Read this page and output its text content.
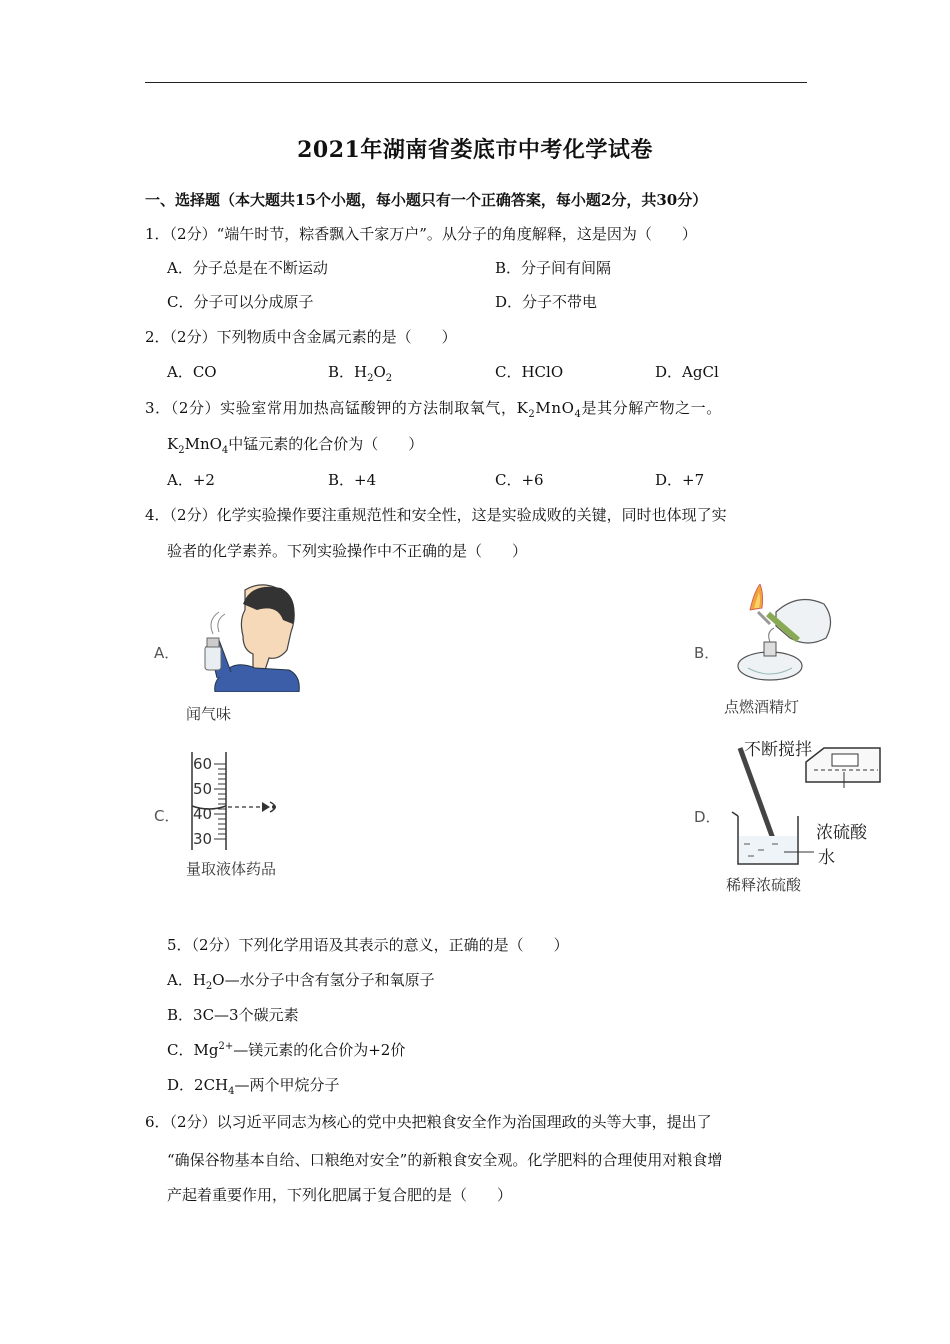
2021年湖南省娄底市中考化学试卷
一、选择题（本大题共15个小题，每小题只有一个正确答案，每小题2分，共30分）
1．（2分）“端午时节，粽香飘入千家万户”。从分子的角度解释，这是因为（　　）
A．分子总是在不断运动	B．分子间有间隔
C．分子可以分成原子	D．分子不带电
2．（2分）下列物质中含金属元素的是（　　）
A．CO	B．$H_2O_2$	C．HClO	D．AgCl
3．（2分）实验室常用加热高锰酸钾的方法制取氧气，$K_2MnO_4$是其分解产物之一。
$K_2MnO_4$中锰元素的化合价为（　　）
A．+2	B．+4	C．+6	D．+7
4．（2分）化学实验操作要注重规范性和安全性，这是实验成败的关键，同时也体现了实
验者的化学素养。下列实验操作中不正确的是（　　）
A．
闻气味
B．
点燃酒精灯
C．
60
50
40
30
量取液体药品
D．
不断搅拌
浓硫酸
水
稀释浓硫酸
5．（2分）下列化学用语及其表示的意义，正确的是（　　）
A．$H_2O—$水分子中含有氢分子和氧原子
B．3C—3个碳元素
C．$Mg^{2+}—$镁元素的化合价为+2价
D．$2CH_4—$两个甲烷分子
6．（2分）以习近平同志为核心的党中央把粮食安全作为治国理政的头等大事，提出了
“确保谷物基本自给、口粮绝对安全”的新粮食安全观。化学肥料的合理使用对粮食增
产起着重要作用，下列化肥属于复合肥的是（　　）
